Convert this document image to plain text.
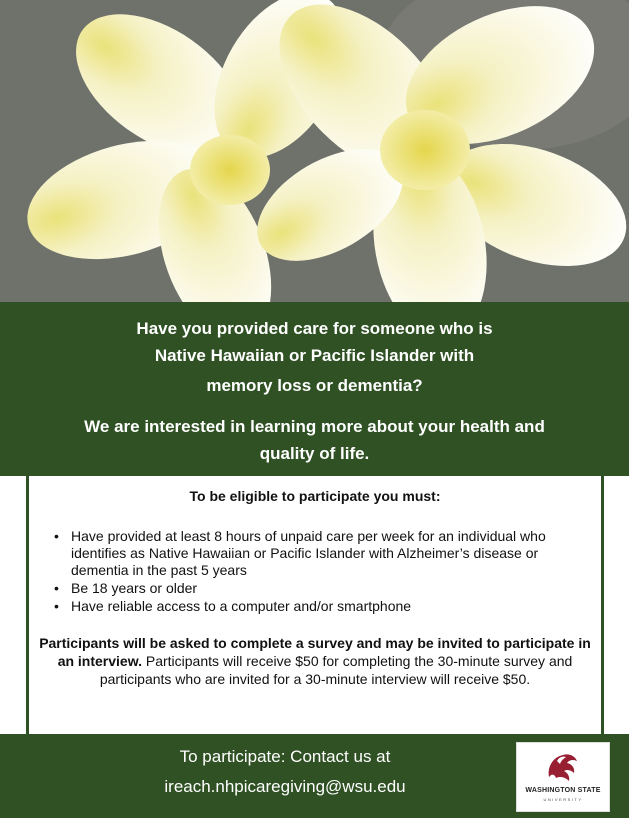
Have you provided care for someone who is
Native Hawaiian or Pacific Islander with
memory loss or dementia?
We are interested in learning more about your health and
quality of life.
To be eligible to participate you must:
• Have provided at least 8 hours of unpaid care per week for an individual who identifies as Native Hawaiian or Pacific Islander with Alzheimer’s disease or dementia in the past 5 years
• Be 18 years or older
• Have reliable access to a computer and/or smartphone
Participants will be asked to complete a survey and may be invited to participate in an interview. Participants will receive $50 for completing the 30-minute survey and participants who are invited for a 30-minute interview will receive $50.
To participate: Contact us at
ireach.nhpicaregiving@wsu.edu	WASHINGTON STATE
UNIVERSITY
